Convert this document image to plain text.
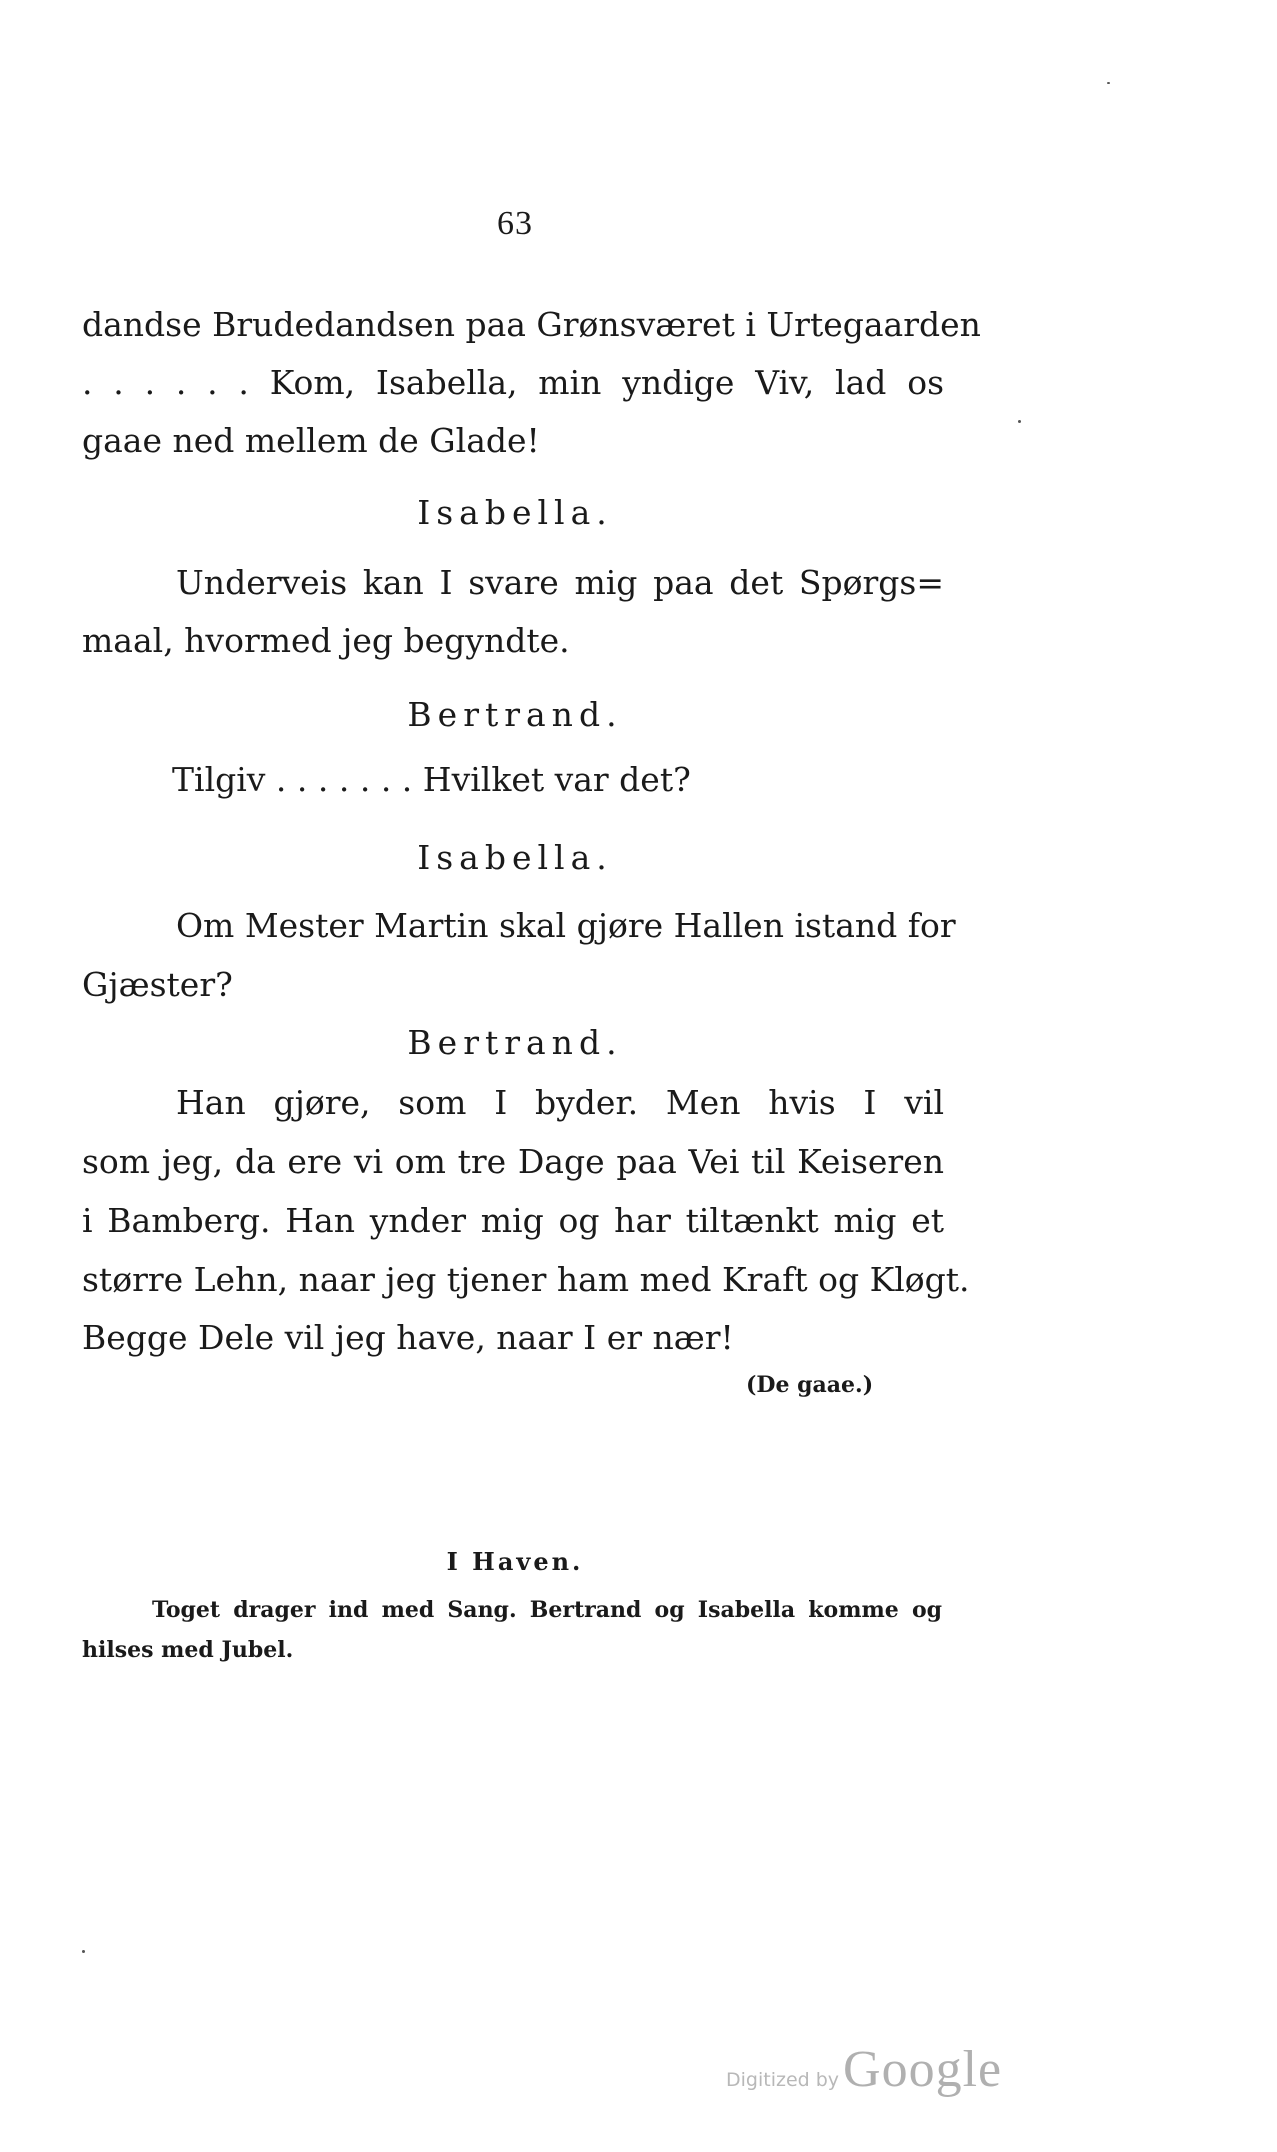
63
dandse Brudedandsen paa Grønsværet i Urtegaarden
. . . . . . Kom, Isabella, min yndige Viv, lad os
gaae ned mellem de Glade!
Isabella.
Underveis kan I svare mig paa det Spørgs=
maal, hvormed jeg begyndte.
Bertrand.
Tilgiv . . . . . . . Hvilket var det?
Isabella.
Om Mester Martin skal gjøre Hallen istand for
Gjæster?
Bertrand.
Han gjøre, som I byder. Men hvis I vil
som jeg, da ere vi om tre Dage paa Vei til Keiseren
i Bamberg. Han ynder mig og har tiltænkt mig et
større Lehn, naar jeg tjener ham med Kraft og Kløgt.
Begge Dele vil jeg have, naar I er nær!
(De gaae.)
I Haven.
Toget drager ind med Sang. Bertrand og Isabella komme og
hilses med Jubel.
Digitized by Google
